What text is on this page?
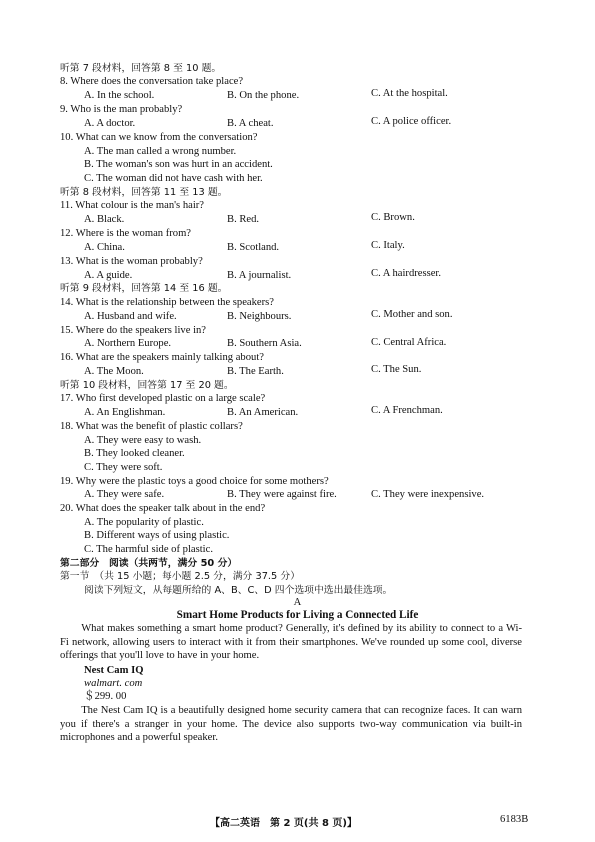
听第 7 段材料，回答第 8 至 10 题。
8. Where does the conversation take place?
A. In the school.	B. On the phone.	C. At the hospital.
9. Who is the man probably?
A. A doctor.	B. A cheat.	C. A police officer.
10. What can we know from the conversation?
A. The man called a wrong number.
B. The woman's son was hurt in an accident.
C. The woman did not have cash with her.
听第 8 段材料，回答第 11 至 13 题。
11. What colour is the man's hair?
A. Black.	B. Red.	C. Brown.
12. Where is the woman from?
A. China.	B. Scotland.	C. Italy.
13. What is the woman probably?
A. A guide.	B. A journalist.	C. A hairdresser.
听第 9 段材料，回答第 14 至 16 题。
14. What is the relationship between the speakers?
A. Husband and wife.	B. Neighbours.	C. Mother and son.
15. Where do the speakers live in?
A. Northern Europe.	B. Southern Asia.	C. Central Africa.
16. What are the speakers mainly talking about?
A. The Moon.	B. The Earth.	C. The Sun.
听第 10 段材料，回答第 17 至 20 题。
17. Who first developed plastic on a large scale?
A. An Englishman.	B. An American.	C. A Frenchman.
18. What was the benefit of plastic collars?
A. They were easy to wash.
B. They looked cleaner.
C. They were soft.
19. Why were the plastic toys a good choice for some mothers?
A. They were safe.	B. They were against fire.	C. They were inexpensive.
20. What does the speaker talk about in the end?
A. The popularity of plastic.
B. Different ways of using plastic.
C. The harmful side of plastic.
第二部分　阅读（共两节，满分 50 分）
第一节　（共 15 小题；每小题 2.5 分，满分 37.5 分）
阅读下列短文，从每题所给的 A、B、C、D 四个选项中选出最佳选项。
A
Smart Home Products for Living a Connected Life
What makes something a smart home product? Generally, it's defined by its ability to connect to a Wi-Fi network, allowing users to interact with it from their smartphones. We've rounded up some cool, diverse offerings that you'll love to have in your home.
Nest Cam IQ
walmart. com
＄299. 00
The Nest Cam IQ is a beautifully designed home security camera that can recognize faces. It can warn you if there's a stranger in your home. The device also supports two-way communication via built-in microphones and a powerful speaker.
【高二英语　第 2 页(共 8 页)】	6183B
